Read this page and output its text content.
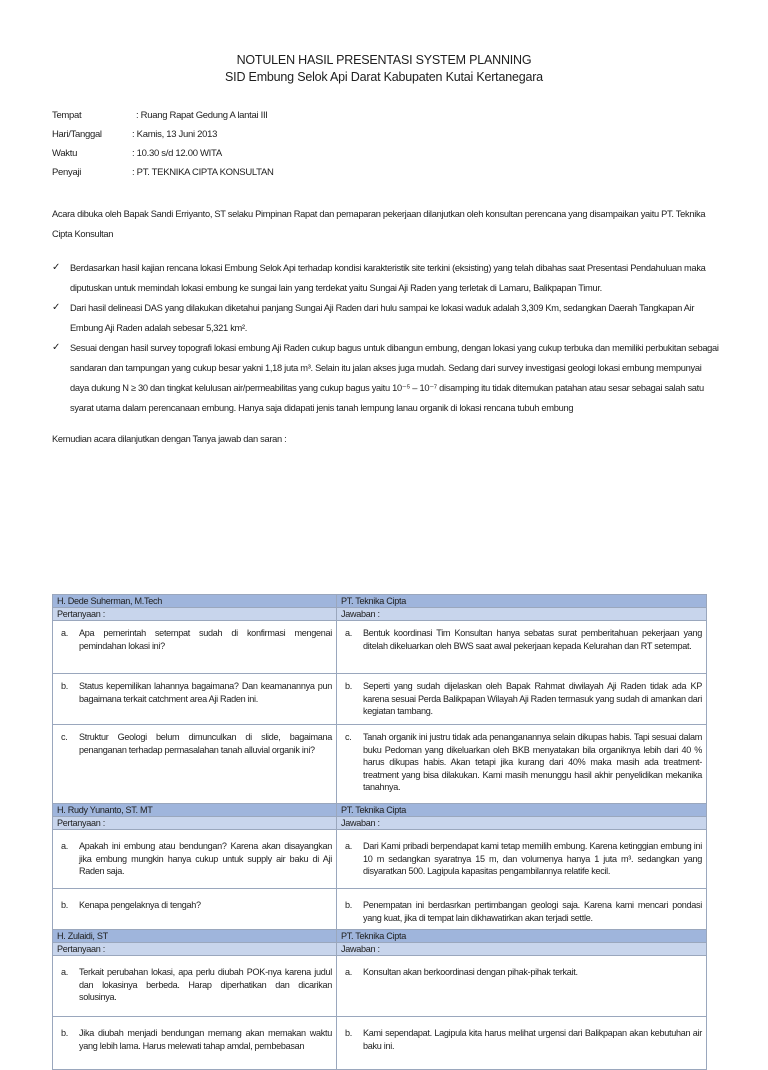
NOTULEN HASIL PRESENTASI SYSTEM PLANNING
SID Embung Selok Api Darat Kabupaten Kutai Kertanegara
Tempat	: Ruang Rapat Gedung A lantai III
Hari/Tanggal	: Kamis, 13 Juni 2013
Waktu	: 10.30 s/d 12.00 WITA
Penyaji	: PT. TEKNIKA CIPTA KONSULTAN
Acara dibuka oleh Bapak Sandi Erriyanto, ST selaku Pimpinan Rapat dan pemaparan pekerjaan dilanjutkan oleh konsultan perencana yang disampaikan yaitu PT. Teknika Cipta Konsultan
✓ Berdasarkan hasil kajian rencana lokasi Embung Selok Api terhadap kondisi karakteristik site terkini (eksisting) yang telah dibahas saat Presentasi Pendahuluan maka diputuskan untuk memindah lokasi embung ke sungai lain yang terdekat yaitu Sungai Aji Raden yang terletak di Lamaru, Balikpapan Timur.
✓ Dari hasil delineasi DAS yang dilakukan diketahui panjang Sungai Aji Raden dari hulu sampai ke lokasi waduk adalah 3,309 Km, sedangkan Daerah Tangkapan Air Embung Aji Raden adalah sebesar 5,321 km².
✓ Sesuai dengan hasil survey topografi lokasi embung Aji Raden cukup bagus untuk dibangun embung, dengan lokasi yang cukup terbuka dan memiliki perbukitan sebagai sandaran dan tampungan yang cukup besar yakni 1,18 juta m³. Selain itu jalan akses juga mudah. Sedang dari survey investigasi geologi lokasi embung mempunyai daya dukung N ≥ 30 dan tingkat kelulusan air/permeabilitas yang cukup bagus yaitu 10⁻⁵ – 10⁻⁷ disamping itu tidak ditemukan patahan atau sesar sebagai salah satu syarat utama dalam perencanaan embung. Hanya saja didapati jenis tanah lempung lanau organik di lokasi rencana tubuh embung
Kemudian acara dilanjutkan dengan Tanya jawab dan saran :
H. Dede Suherman, M.Tech	PT. Teknika Cipta
Pertanyaan :	Jawaban :

a. Apa pemerintah setempat sudah di konfirmasi mengenai pemindahan lokasi ini?	a. Bentuk koordinasi Tim Konsultan hanya sebatas surat pemberitahuan pekerjaan yang ditelah dikeluarkan oleh BWS saat awal pekerjaan kepada Kelurahan dan RT setempat.

b. Status kepemilikan lahannya bagaimana? Dan keamanannya pun bagaimana terkait catchment area Aji Raden ini.	b. Seperti yang sudah dijelaskan oleh Bapak Rahmat diwilayah Aji Raden tidak ada KP karena sesuai Perda Balikpapan Wilayah Aji Raden termasuk yang sudah di amankan dari kegiatan tambang.

c. Struktur Geologi belum dimunculkan di slide, bagaimana penanganan terhadap permasalahan tanah alluvial organik ini?	c. Tanah organik ini justru tidak ada penanganannya selain dikupas habis. Tapi sesuai dalam buku Pedoman yang dikeluarkan oleh BKB menyatakan bila organiknya lebih dari 40 % harus dikupas habis. Akan tetapi jika kurang dari 40% maka masih ada treatment-treatment yang bisa dilakukan. Kami masih menunggu hasil akhir penyelidikan mekanika tanahnya.

H. Rudy Yunanto, ST. MT	PT. Teknika Cipta
Pertanyaan :	Jawaban :

a. Apakah ini embung atau bendungan? Karena akan disayangkan jika embung mungkin hanya cukup untuk supply air baku di Aji Raden saja.	a. Dari Kami pribadi berpendapat kami tetap memilih embung. Karena ketinggian embung ini 10 m sedangkan syaratnya 15 m, dan volumenya hanya 1 juta m³. sedangkan yang disyaratkan 500. Lagipula kapasitas pengambilannya relatife kecil.

b. Kenapa pengelaknya di tengah?	b. Penempatan ini berdasrkan pertimbangan geologi saja. Karena kami mencari pondasi yang kuat, jika di tempat lain dikhawatirkan akan terjadi settle.

H. Zulaidi, ST	PT. Teknika Cipta
Pertanyaan :	Jawaban :

a. Terkait perubahan lokasi, apa perlu diubah POK-nya karena judul dan lokasinya berbeda. Harap diperhatikan dan dicarikan solusinya.	a. Konsultan akan berkoordinasi dengan pihak-pihak terkait.

b. Jika diubah menjadi bendungan memang akan memakan waktu yang lebih lama. Harus melewati tahap amdal, pembebasan	b. Kami sependapat. Lagipula kita harus melihat urgensi dari Balikpapan akan kebutuhan air baku ini.
